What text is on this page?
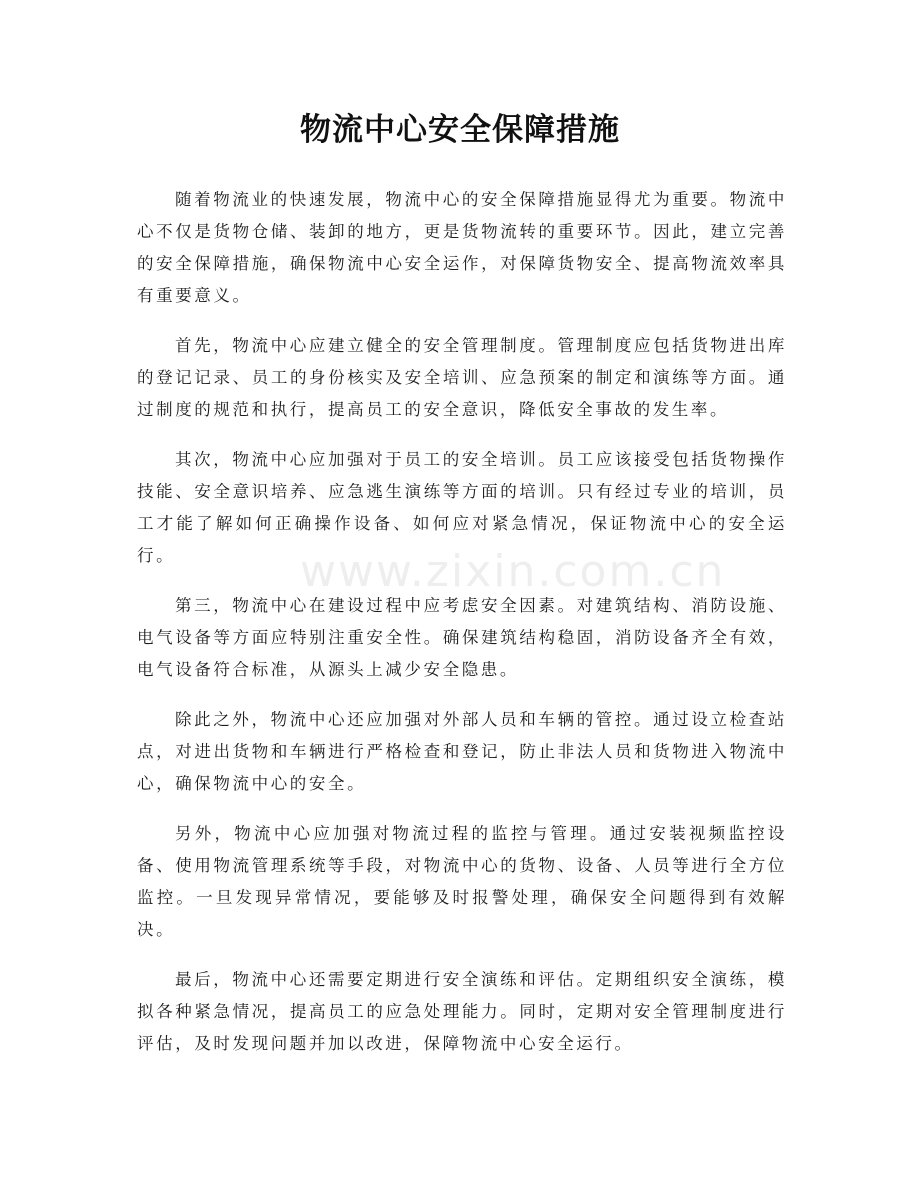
物流中心安全保障措施
www.zixin.com.cn

随着物流业的快速发展，物流中心的安全保障措施显得尤为重要。物流中心不仅是货物仓储、装卸的地方，更是货物流转的重要环节。因此，建立完善的安全保障措施，确保物流中心安全运作，对保障货物安全、提高物流效率具有重要意义。

首先，物流中心应建立健全的安全管理制度。管理制度应包括货物进出库的登记记录、员工的身份核实及安全培训、应急预案的制定和演练等方面。通过制度的规范和执行，提高员工的安全意识，降低安全事故的发生率。

其次，物流中心应加强对于员工的安全培训。员工应该接受包括货物操作技能、安全意识培养、应急逃生演练等方面的培训。只有经过专业的培训，员工才能了解如何正确操作设备、如何应对紧急情况，保证物流中心的安全运行。

第三，物流中心在建设过程中应考虑安全因素。对建筑结构、消防设施、电气设备等方面应特别注重安全性。确保建筑结构稳固，消防设备齐全有效，电气设备符合标准，从源头上减少安全隐患。

除此之外，物流中心还应加强对外部人员和车辆的管控。通过设立检查站点，对进出货物和车辆进行严格检查和登记，防止非法人员和货物进入物流中心，确保物流中心的安全。

另外，物流中心应加强对物流过程的监控与管理。通过安装视频监控设备、使用物流管理系统等手段，对物流中心的货物、设备、人员等进行全方位监控。一旦发现异常情况，要能够及时报警处理，确保安全问题得到有效解决。

最后，物流中心还需要定期进行安全演练和评估。定期组织安全演练，模拟各种紧急情况，提高员工的应急处理能力。同时，定期对安全管理制度进行评估，及时发现问题并加以改进，保障物流中心安全运行。
